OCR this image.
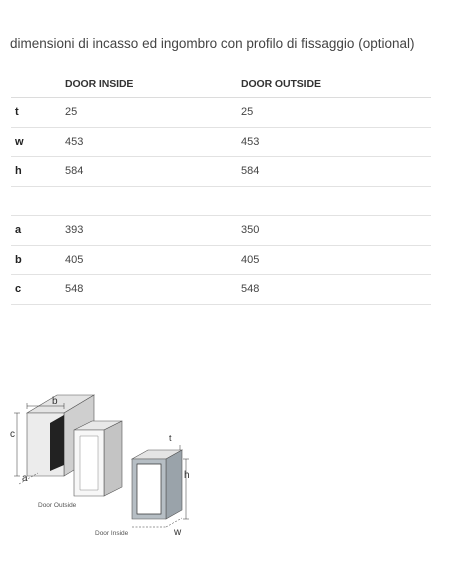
dimensioni di incasso ed ingombro con profilo di fissaggio (optional)
	DOOR INSIDE	DOOR OUTSIDE
t	25	25
w	453	453
h	584	584

a	393	350
b	405	405
c	548	548
b
c
a
Door Outside
t
h
w
Door Inside
